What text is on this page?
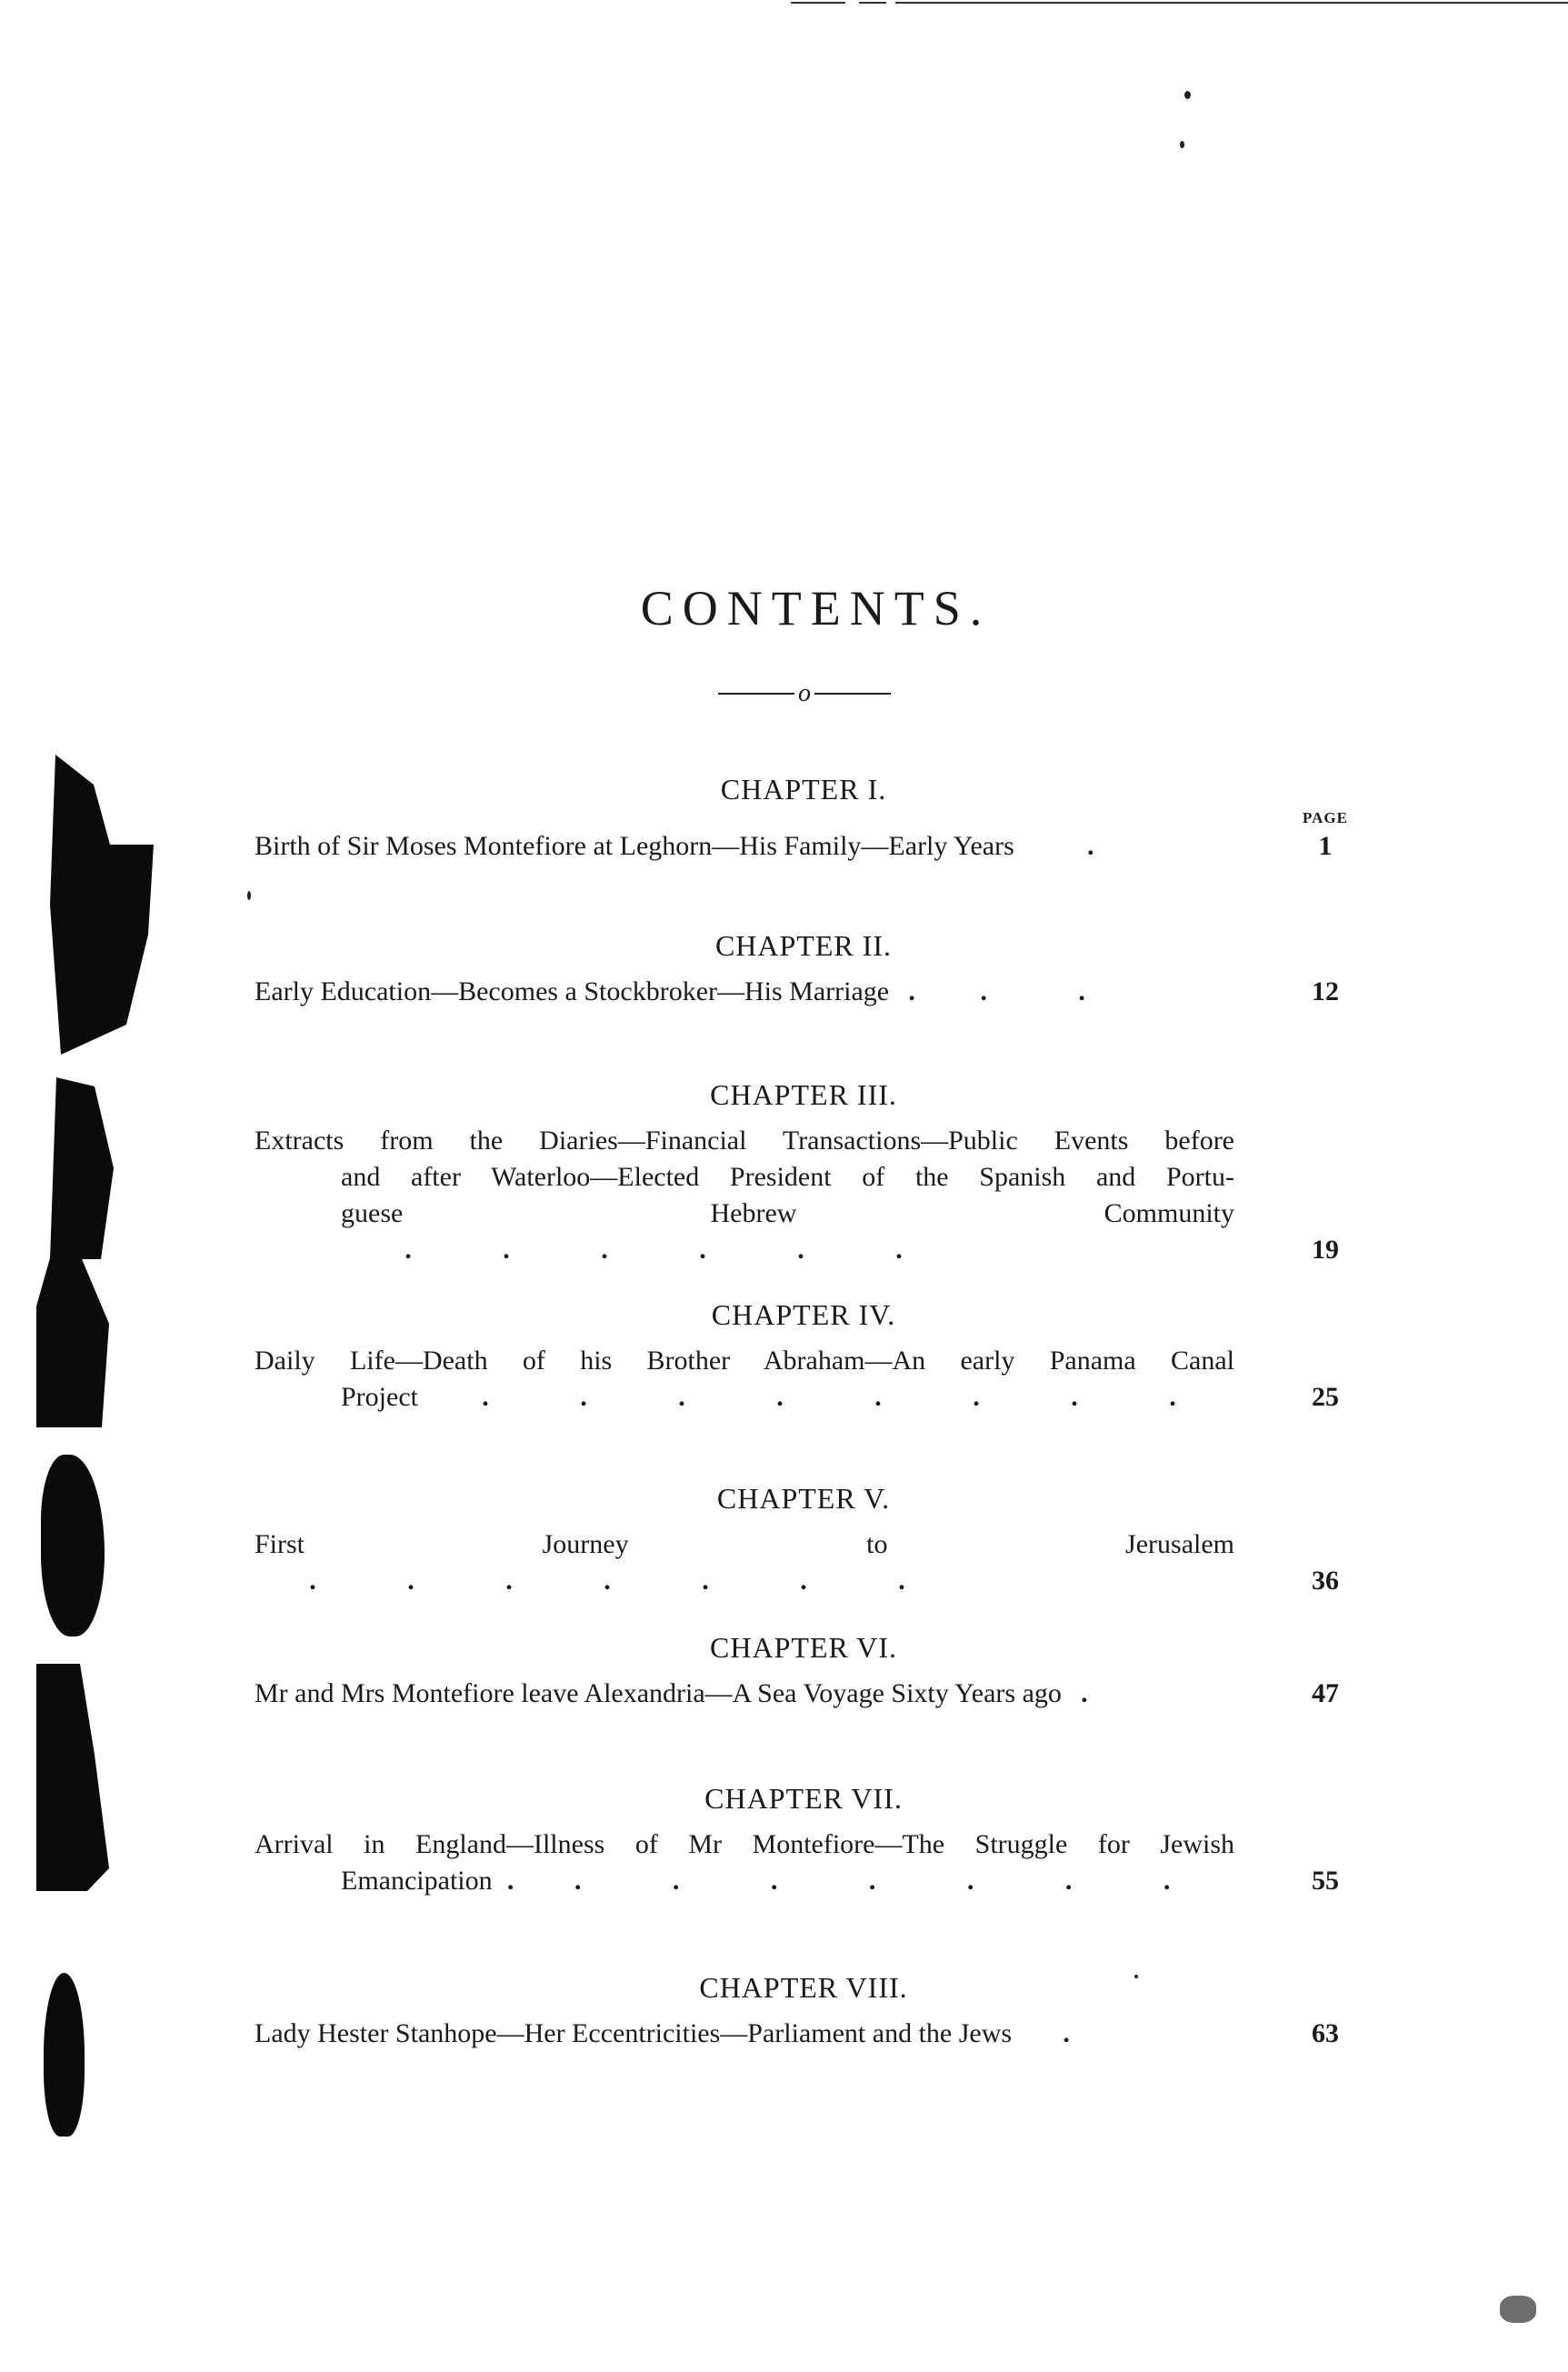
CONTENTS.
o
PAGE
CHAPTER I.
Birth of Sir Moses Montefiore at Leghorn—His Family—Early Years	.	1
CHAPTER II.
Early Education—Becomes a Stockbroker—His Marriage . .	.	12
CHAPTER III.
Extracts from the Diaries—Financial Transactions—Public Events before
and after Waterloo—Elected President of the Spanish and Portu-
guese Hebrew Community.	.	.	.	.	.	19
CHAPTER IV.
Daily Life—Death of his Brother Abraham—An early Panama Canal
Project .	.	.	.	.	.	.	.	25
CHAPTER V.
First Journey to Jerusalem.	.	.	.	.	.	.	36
CHAPTER VI.
Mr and Mrs Montefiore leave Alexandria—A Sea Voyage Sixty Years ago .	47
CHAPTER VII.
Arrival in England—Illness of Mr Montefiore—The Struggle for Jewish
Emancipation . .	.	.	.	.	.	.	55
CHAPTER VIII.
Lady Hester Stanhope—Her Eccentricities—Parliament and the Jews .	63
